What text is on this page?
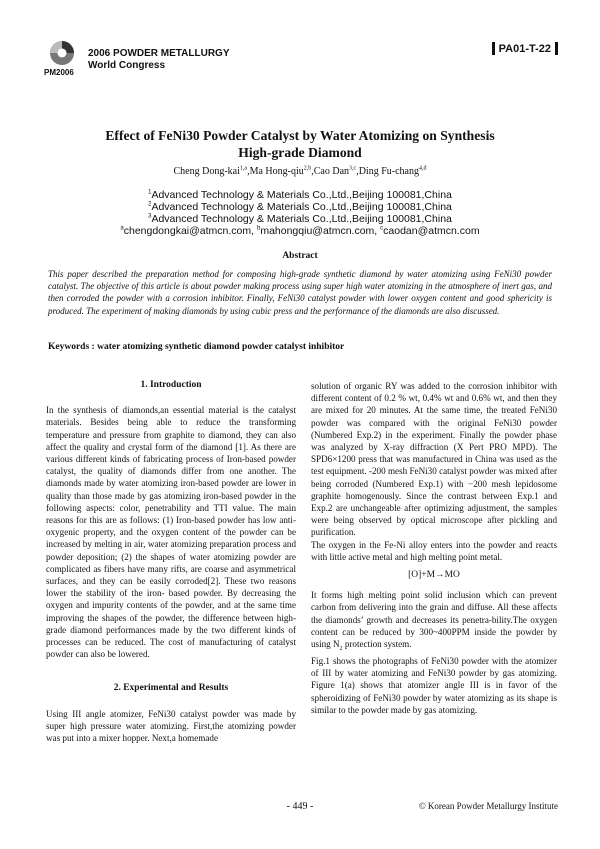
PM2006
2006 POWDER METALLURGY
World Congress
PA01-T-22
Effect of FeNi30 Powder Catalyst by Water Atomizing on Synthesis
High-grade Diamond
Cheng Dong-kai$^{1,a}$,Ma Hong-qiu$^{2,b}$,Cao Dan$^{3,c}$,Ding Fu-chang$^{4,d}$
$^1$Advanced Technology & Materials Co.,Ltd.,Beijing 100081,China
$^2$Advanced Technology & Materials Co.,Ltd.,Beijing 100081,China
$^3$Advanced Technology & Materials Co.,Ltd.,Beijing 100081,China
$^a$chengdongkai@atmcn.com, $^b$mahongqiu@atmcn.com, $^c$caodan@atmcn.com
Abstract
This paper described the preparation method for composing high-grade synthetic diamond by water atomizing using FeNi30 powder catalyst. The objective of this article is about powder making process using super high water atomizing in the atmosphere of inert gas, and then corroded the powder with a corrosion inhibitor. Finally, FeNi30 catalyst powder with lower oxygen content and good sphericity is produced. The experiment of making diamonds by using cubic press and the performance of the diamonds are also discussed.
Keywords : water atomizing synthetic diamond powder catalyst inhibitor
1. Introduction

In the synthesis of diamonds,an essential material is the catalyst materials. Besides being able to reduce the transforming temperature and pressure from graphite to diamond, they can also affect the quality and crystal form of the diamond [1]. As there are various different kinds of fabricating process of Iron-based powder catalyst, the quality of diamonds differ from one another. The diamonds made by water atomizing iron-based powder are lower in quality than those made by gas atomizing iron-based powder in the following aspects: color, penetrability and TTI value. The main reasons for this are as follows: (1) Iron-based powder has low anti-oxygenic property, and the oxygen content of the powder can be increased by melting in air, water atomizing preparation process and powder deposition; (2) the shapes of water atomizing powder are complicated as fibers have many rifts, are coarse and asymmetrical surfaces, and they can be easily corroded[2]. These two reasons lower the stability of the iron- based powder. By decreasing the oxygen and impurity contents of the powder, and at the same time improving the shapes of the powder, the difference between high-grade diamond performances made by the two different kinds of processes can be reduced. The cost of manufacturing of catalyst powder can also be lowered.

2. Experimental and Results

Using III angle atomizer, FeNi30 catalyst powder was made by super high pressure water atomizing. First,the atomizing powder was put into a mixer hopper. Next,a homemade

solution of organic RY was added to the corrosion inhibitor with different content of 0.2 % wt, 0.4% wt and 0.6% wt, and then they are mixed for 20 minutes. At the same time, the treated FeNi30 powder was compared with the original FeNi30 powder (Numbered Exp.2) in the experiment. Finally the powder phase was analyzed by X-ray diffraction (X Pert PRO MPD). The SPD6×1200 press that was manufactured in China was used as the test equipment. -200 mesh FeNi30 catalyst powder was mixed after being corroded (Numbered Exp.1) with −200 mesh lepidosome graphite homogenously. Since the contrast between Exp.1 and Exp.2 are unchangeable after optimizing adjustment, the samples were being observed by optical microscope after pickling and purification.

The oxygen in the Fe-Ni alloy enters into the powder and reacts with little active metal and high melting point metal.

[O]+M→MO

It forms high melting point solid inclusion which can prevent carbon from delivering into the grain and diffuse. All these affects the diamonds’ growth and decreases its penetra-bility.The oxygen content can be reduced by 300~400PPM inside the powder by using $N_2$ protection system.

Fig.1 shows the photographs of FeNi30 powder with the atomizer of III by water atomizing and FeNi30 powder by gas atomizing. Figure 1(a) shows that atomizer angle III is in favor of the spheroidizing of FeNi30 powder by water atomizing as its shape is similar to the powder made by gas atomizing.

- 449 -	© Korean Powder Metallurgy Institute
